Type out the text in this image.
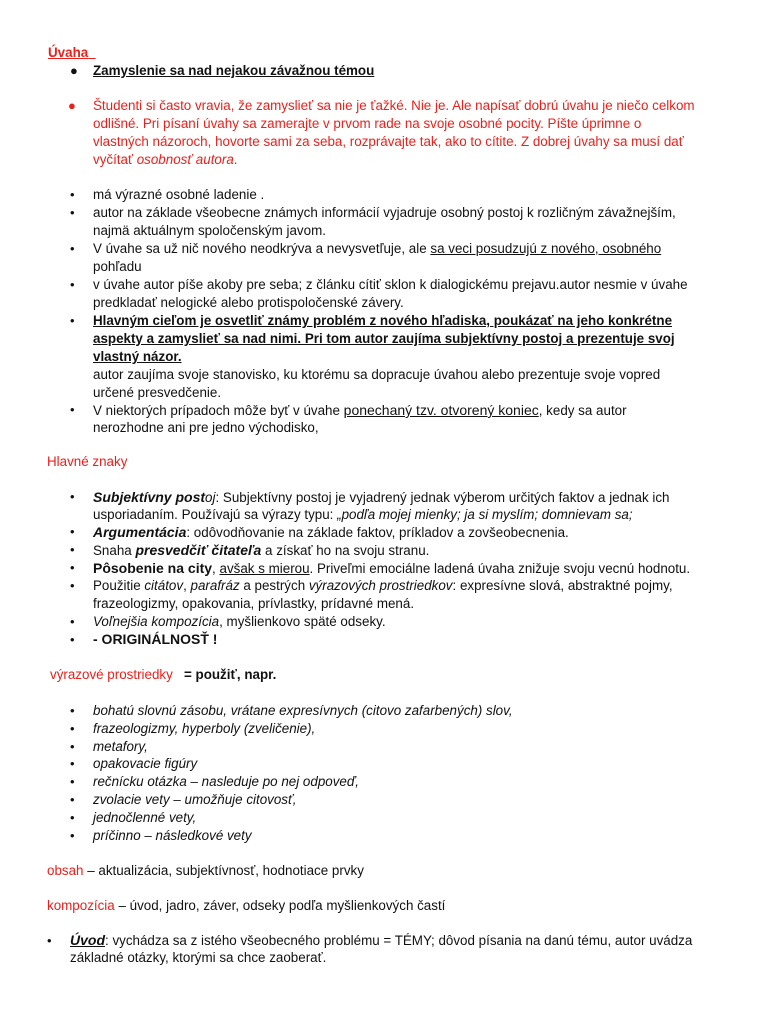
Úvaha
● Zamyslenie sa nad nejakou závažnou témou
● Študenti si často vravia, že zamyslieť sa nie je ťažké. Nie je. Ale napísať dobrú úvahu je niečo celkom
odlišné. Pri písaní úvahy sa zamerajte v prvom rade na svoje osobné pocity. Píšte úprimne o
vlastných názoroch, hovorte sami za seba, rozprávajte tak, ako to cítite. Z dobrej úvahy sa musí dať
vyčítať osobnosť autora.
• má výrazné osobné ladenie .
• autor na základe všeobecne známych informácií vyjadruje osobný postoj k rozličným závažnejším,
najmä aktuálnym spoločenským javom.
• V úvahe sa už nič nového neodkrýva a nevysvetľuje, ale sa veci posudzujú z nového, osobného
pohľadu
• v úvahe autor píše akoby pre seba; z článku cítiť sklon k dialogickému prejavu.autor nesmie v úvahe
predkladať nelogické alebo protispoločenské závery.
• Hlavným cieľom je osvetliť známy problém z nového hľadiska, poukázať na jeho konkrétne
aspekty a zamyslieť sa nad nimi. Pri tom autor zaujíma subjektívny postoj a prezentuje svoj
vlastný názor.
autor zaujíma svoje stanovisko, ku ktorému sa dopracuje úvahou alebo prezentuje svoje vopred
určené presvedčenie.
• V niektorých prípadoch môže byť v úvahe ponechaný tzv. otvorený koniec, kedy sa autor
nerozhodne ani pre jedno východisko,
Hlavné znaky
• Subjektívny postoj: Subjektívny postoj je vyjadrený jednak výberom určitých faktov a jednak ich
usporiadaním. Používajú sa výrazy typu: „podľa mojej mienky; ja si myslím; domnievam sa;
• Argumentácia: odôvodňovanie na základe faktov, príkladov a zovšeobecnenia.
• Snaha presvedčiť čitateľa a získať ho na svoju stranu.
• Pôsobenie na city, avšak s mierou. Priveľmi emociálne ladená úvaha znižuje svoju vecnú hodnotu.
• Použitie citátov, parafráz a pestrých výrazových prostriedkov: expresívne slová, abstraktné pojmy,
frazeologizmy, opakovania, prívlastky, prídavné mená.
• Voľnejšia kompozícia, myšlienkovo späté odseky.
• - ORIGINÁLNOSŤ !
výrazové prostriedky = použiť, napr.
• bohatú slovnú zásobu, vrátane expresívnych (citovo zafarbených) slov,
• frazeologizmy, hyperboly (zveličenie),
• metafory,
• opakovacie figúry
• rečnícku otázka – nasleduje po nej odpoveď,
• zvolacie vety – umožňuje citovosť,
• jednočlenné vety,
• príčinno – následkové vety
obsah – aktualizácia, subjektívnosť, hodnotiace prvky
kompozícia – úvod, jadro, záver, odseky podľa myšlienkových častí
• Úvod: vychádza sa z istého všeobecného problému = TÉMY; dôvod písania na danú tému, autor uvádza
základné otázky, ktorými sa chce zaoberať.
